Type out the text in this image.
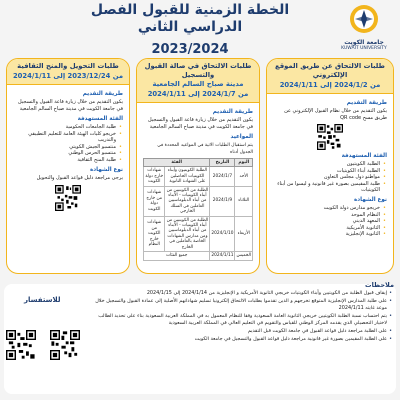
الخطة الزمنية للقبول الفصل الدراسي الثاني
2023/2024	جامعة الكويت
KUWAIT UNIVERSITY
طلبات الالتحاق عن طريق الموقع الإلكتروني
من 2024/1/2 إلى 2024/1/11
طريقة التقديم

يكون التقديم من خلال نظام القبول الإلكتروني عن طريق مسح QR code

الفئة المستهدفة
• الطلبة الكويتيون
• الطلبة أبناء الكويتيات
• مواطنو دول مجلس التعاون
• طلبة المقيمين بصورة غير قانونية و ليسوا من أبناء الكويتيات
نوع الشهادة
• خريجو مدارس دولة الكويت
• النظام الموحد
• المعهد الديني
• الثانوية الأمريكية
• الثانوية الإنجليزية
طلبات الالتحاق في صالة القبول والتسجيل
مدينة صباح السالم الجامعية
من 2024/1/7 إلى 2024/1/11
طريقة التقديم

يكون التقديم من خلال زيارة قاعة القبول والتسجيل في جامعة الكويت في مدينة صباح السالم الجامعية

المواعيد

يتم استقبال الطلبات الاتية في المواعيد المحددة في الجدول أدناه

اليوم	التاريخ	الفئة	
الأحد	2024/1/7	الطلبة الكويتيون وأبناء الكويتيات الحاصلين على الشهادة الثانوية	شهادات خارج دولة الكويت
الثلاثاء	2024/1/9	الطلبة من الكويتيين من أبناء الكويتيات - الأبناء من أبناء الدبلوماسيين العاملين في السلك الخارجي	شهادات من خارج دولة الكويت
الأربعاء	2024/1/10	الطلبة من الكويتيين من أبناء الكويتيات - الأبناء من أبناء الدبلوماسيين ومن مدارس الشهادات الخاصة بالعاملين في الخارج	شهادات من الكويت خارج النظام
الخميس	2024/1/11	جميع الفئات	
طلبات التحويل والمنح الثقافية
من 2023/12/24 إلى 2024/1/11
طريقة التقديم

يكون التقديم من خلال زيارة قاعة القبول والتسجيل في جامعة الكويت في مدينة صباح السالم الجامعية

الفئة المستهدفة
• طلبة الجامعات الحكومية
• خريجو كليات الهيئة العامة للتعليم التطبيقي والتدريب
• منتسبو الجيش الكويتي
• منتسبو الحرس الوطني
• طلبة المنح الثقافية
نوع الشهادة

يرجى مراجعة دليل قواعد القبول والتحويل

ملاحظات
• إيقاف قبول الطلبة من الكويتيين وأبناء الكويتيات خريجي الثانوية الأمريكية و الإنجليزية من 2024/1/14 إلى 2024/1/15
• على طلبة المدارس الإنجليزية المتوقع تخرجهم و الذين تقدموا بطلبات الالتحاق إلكترونيا تسليم شهاداتهم الأصلية إلى عمادة القبول والتسجيل خلال موعد غايته 2024/1/11
• يتم احتساب نسبة الطلبة الكويتيين خريجي الثانوية العامة السعودية وفقا للنظام المعمول به في المملكة العربية السعودية بناء على تحديد الطالب لاختيار التحصيلي الذي يقدمه المركز الوطني للقياس والتقويم في التعليم العالي في المملكة العربية السعودية
• على الطلبة مراجعة دليل قواعد القبول في جامعة الكويت قبل التقديم
• على الطلبة المقيمين بصورة غير قانونية مراجعة دليل قواعد القبول والتسجيل في جامعة الكويت
للاستفسار
